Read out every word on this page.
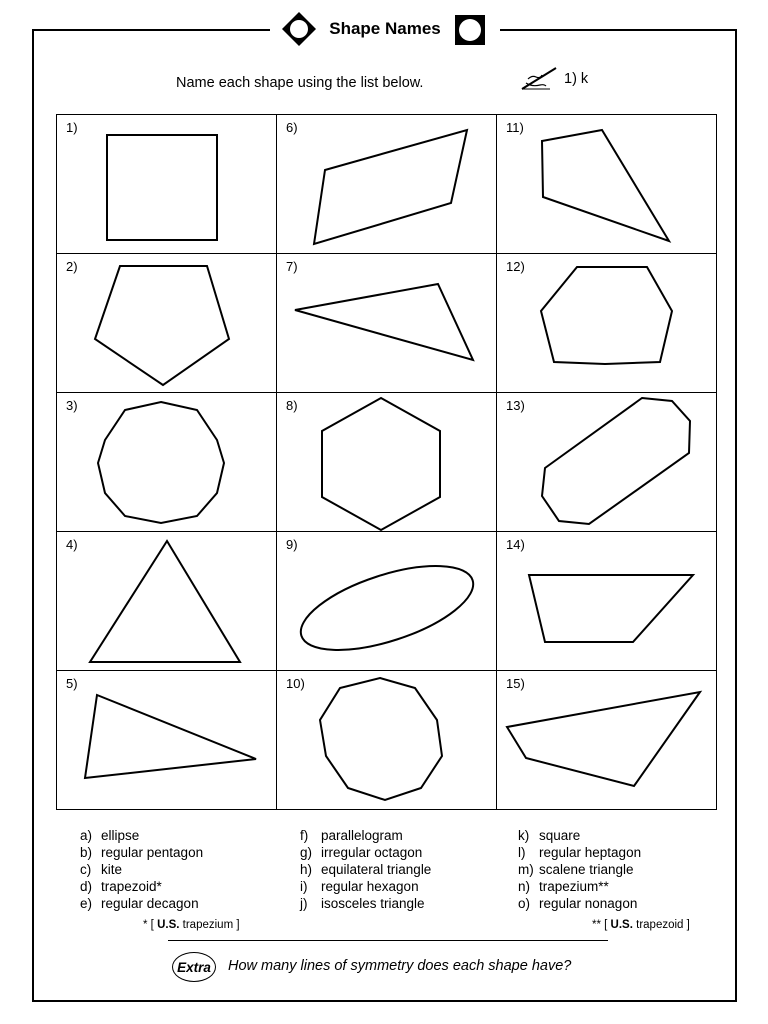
Shape Names
Name each shape using the list below.	1) k
1)	6)	11)

2)	7)	12)

3)	8)	13)

4)	9)	14)

5)	10)	15)
a) ellipse
b) regular pentagon
c) kite
d) trapezoid*
e) regular decagon
f) parallelogram
g) irregular octagon
h) equilateral triangle
i)	regular hexagon
j)	isosceles triangle
k) square
l)	regular heptagon
m) scalene triangle
n) trapezium**
o) regular nonagon
* [ U.S. trapezium ]	** [ U.S. trapezoid ]
Extra How many lines of symmetry does each shape have?
